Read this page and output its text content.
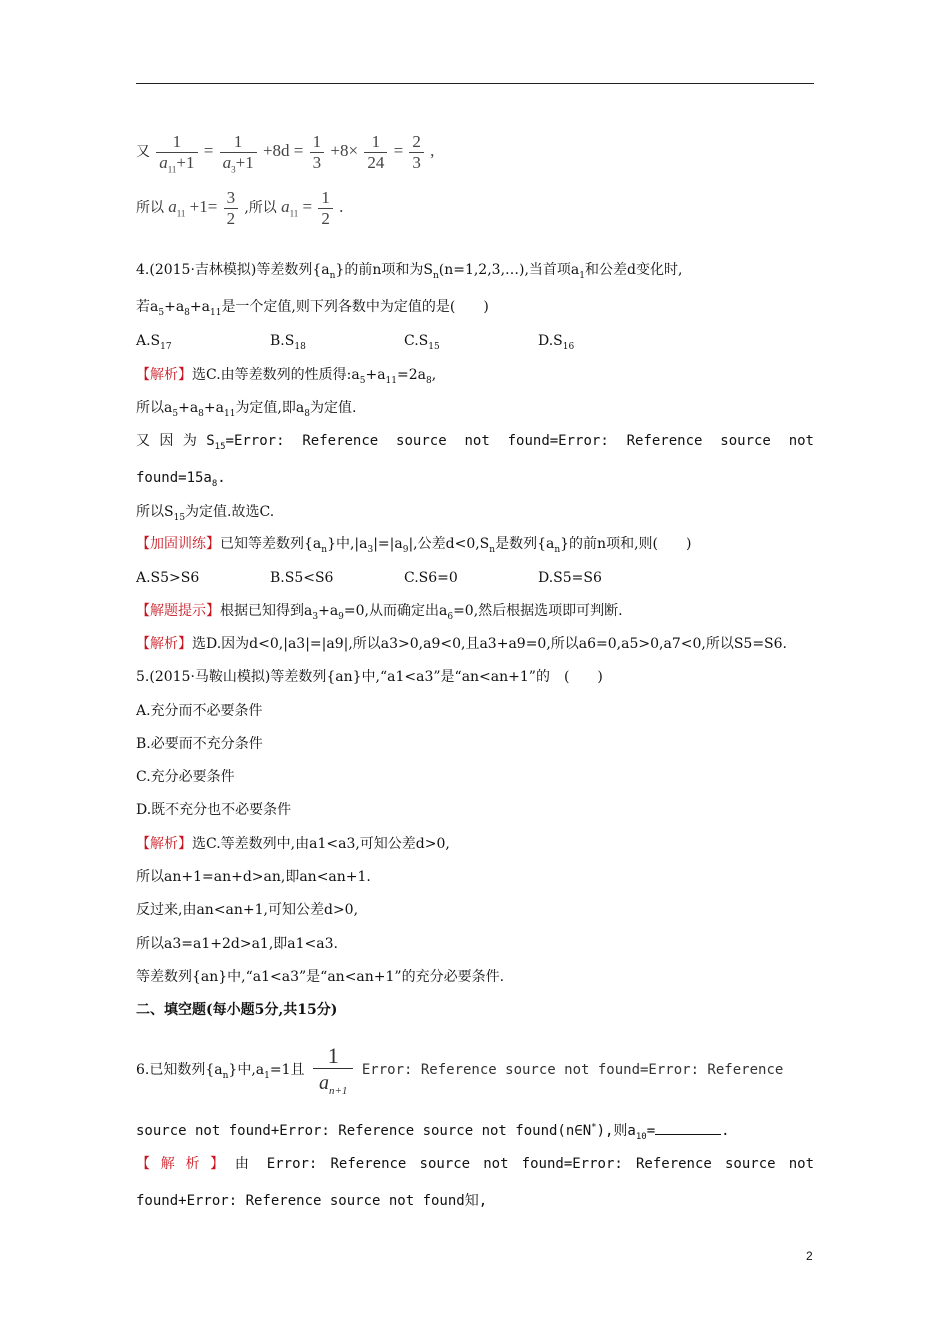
又 $\frac{1}{a_{11}+1} = \frac{1}{a_3+1} +8d = \frac{1}{3} +8\times \frac{1}{24} = \frac{2}{3}$ ,
所以 $a_{11} +1= \frac{3}{2}$ ,所以 $a_{11} = \frac{1}{2}$ .
4.(2015·吉林模拟)等差数列$\{a_n\}$的前n项和为$S_n(n=1,2,3,\dots)$,当首项$a_1$和公差d变化时,
若$a_5+a_8+a_{11}$是一个定值,则下列各数中为定值的是(　　)
$A.S_{17}$	$B.S_{18}$	$C.S_{15}$	$D.S_{16}$
【解析】选C.由等差数列的性质得$:a_5+a_{11}=2a_8$,
所以$a_5+a_8+a_{11}$为定值,即$a_8$为定值.
又因为$S_{15}=Error$: Reference source not found=Error: Reference source not
$found=15a_8$.
所以$S_{15}$为定值.故选C.
【加固训练】已知等差数列$\{a_n\}$中$,|a_3|=|a_9|$,公差$d<0,S_n$是数列$\{a_n\}$的前n项和,则(　　)
A.S5>S6	B.S5<S6	C.S6=0	D.S5=S6
【解题提示】根据已知得到$a_3+a_9=0$,从而确定出$a_6=0$,然后根据选项即可判断.
【解析】选D.因为d<0,|a3|=|a9|,所以a3>0,a9<0,且a3+a9=0,所以a6=0,a5>0,a7<0,所以S5=S6.
5.(2015·马鞍山模拟)等差数列{an}中,“a1<a3”是“an<an+1”的　(　　)
A.充分而不必要条件
B.必要而不充分条件
C.充分必要条件
D.既不充分也不必要条件
【解析】选C.等差数列中,由a1<a3,可知公差d>0,
所以an+1=an+d>an,即an<an+1.
反过来,由an<an+1,可知公差d>0,
所以a3=a1+2d>a1,即a1<a3.
等差数列{an}中,“a1<a3”是“an<an+1”的充分必要条件.
二、填空题(每小题5分,共15分)
6.已知数列$\{a_n\}$中$,a_1=1$且 $\frac{1}{a_{n+1}}$ Error: Reference source not found=Error: Reference
source not found+Error: Reference source not found(n∈N*),则$a_{10}=$	.
【解析】由 Error: Reference source not found=Error: Reference source not
found+Error: Reference source not found知,
2
